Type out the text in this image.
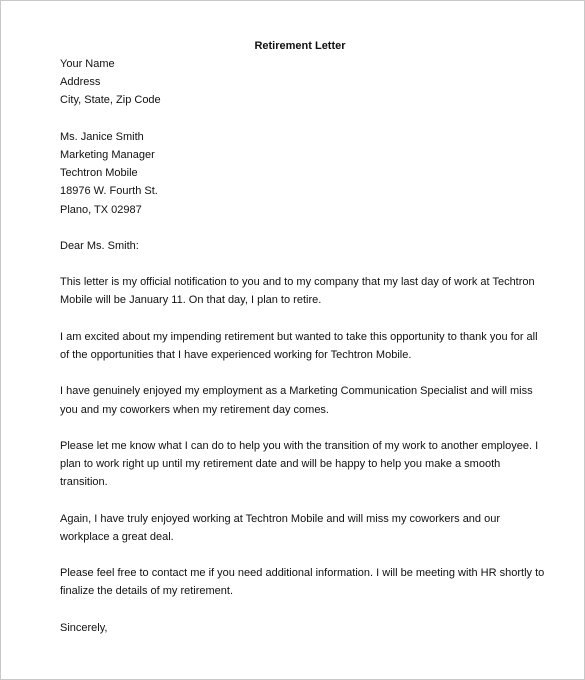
Retirement Letter
Your Name
Address
City, State, Zip Code
Ms. Janice Smith
Marketing Manager
Techtron Mobile
18976 W. Fourth St.
Plano, TX 02987
Dear Ms. Smith:
This letter is my official notification to you and to my company that my last day of work at Techtron
Mobile will be January 11. On that day, I plan to retire.
I am excited about my impending retirement but wanted to take this opportunity to thank you for all
of the opportunities that I have experienced working for Techtron Mobile.
I have genuinely enjoyed my employment as a Marketing Communication Specialist and will miss
you and my coworkers when my retirement day comes.
Please let me know what I can do to help you with the transition of my work to another employee. I
plan to work right up until my retirement date and will be happy to help you make a smooth
transition.
Again, I have truly enjoyed working at Techtron Mobile and will miss my coworkers and our
workplace a great deal.
Please feel free to contact me if you need additional information. I will be meeting with HR shortly to
finalize the details of my retirement.
Sincerely,
